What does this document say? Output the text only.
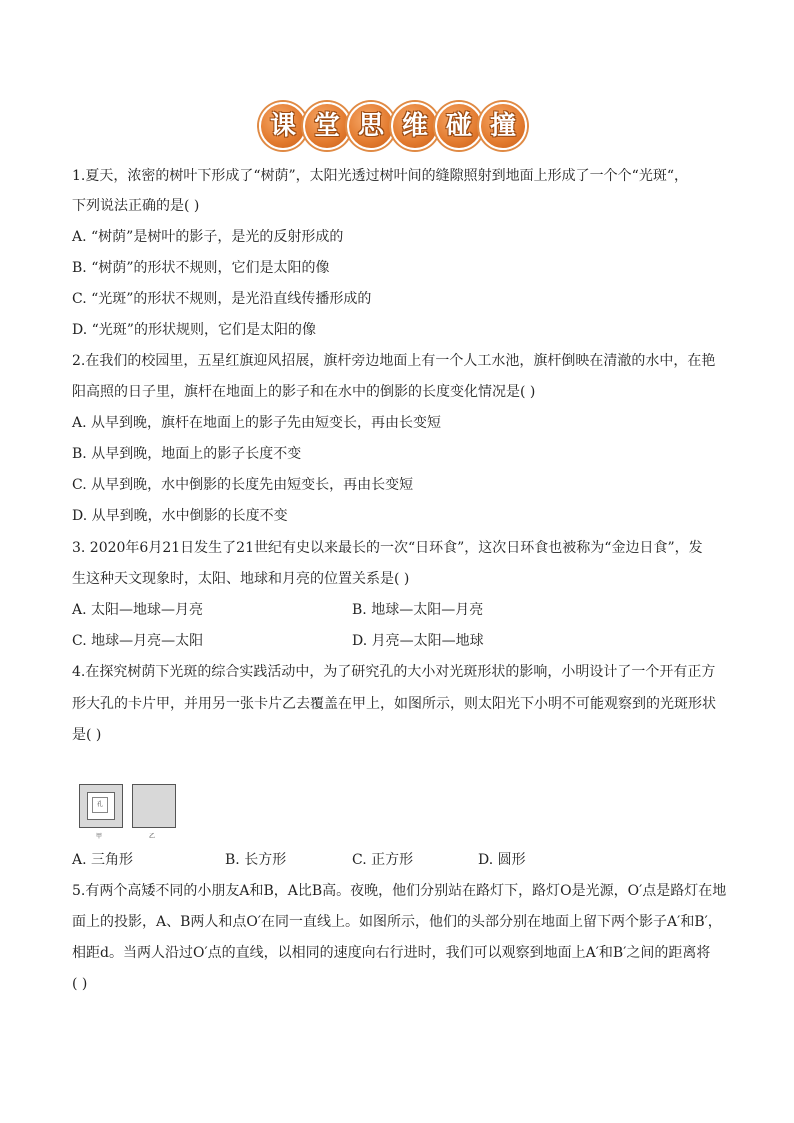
课 堂 思 维 碰 撞
1.夏天，浓密的树叶下形成了“树荫”，太阳光透过树叶间的缝隙照射到地面上形成了一个个“光斑“，
下列说法正确的是( )
A. “树荫”是树叶的影子，是光的反射形成的
B. “树荫”的形状不规则，它们是太阳的像
C. “光斑”的形状不规则，是光沿直线传播形成的
D. “光斑”的形状规则，它们是太阳的像
2.在我们的校园里，五星红旗迎风招展，旗杆旁边地面上有一个人工水池，旗杆倒映在清澈的水中，在艳
阳高照的日子里，旗杆在地面上的影子和在水中的倒影的长度变化情况是( )
A. 从早到晚，旗杆在地面上的影子先由短变长，再由长变短
B. 从早到晚，地面上的影子长度不变
C. 从早到晚，水中倒影的长度先由短变长，再由长变短
D. 从早到晚，水中倒影的长度不变
3. 2020年6月21日发生了21世纪有史以来最长的一次“日环食”，这次日环食也被称为“金边日食”，发
生这种天文现象时，太阳、地球和月亮的位置关系是( )
A. 太阳—地球—月亮	B. 地球—太阳—月亮
C. 地球—月亮—太阳	D. 月亮—太阳—地球
4.在探究树荫下光斑的综合实践活动中，为了研究孔的大小对光斑形状的影响，小明设计了一个开有正方
形大孔的卡片甲，并用另一张卡片乙去覆盖在甲上，如图所示，则太阳光下小明不可能观察到的光斑形状
是( )
孔
甲	乙
A. 三角形	B. 长方形	C. 正方形	D. 圆形
5.有两个高矮不同的小朋友A和B，A比B高。夜晚，他们分别站在路灯下，路灯O是光源，O′点是路灯在地
面上的投影，A、B两人和点O′在同一直线上。如图所示，他们的头部分别在地面上留下两个影子A′和B′，
相距d。当两人沿过O′点的直线，以相同的速度向右行进时，我们可以观察到地面上A′和B′之间的距离将
( )
